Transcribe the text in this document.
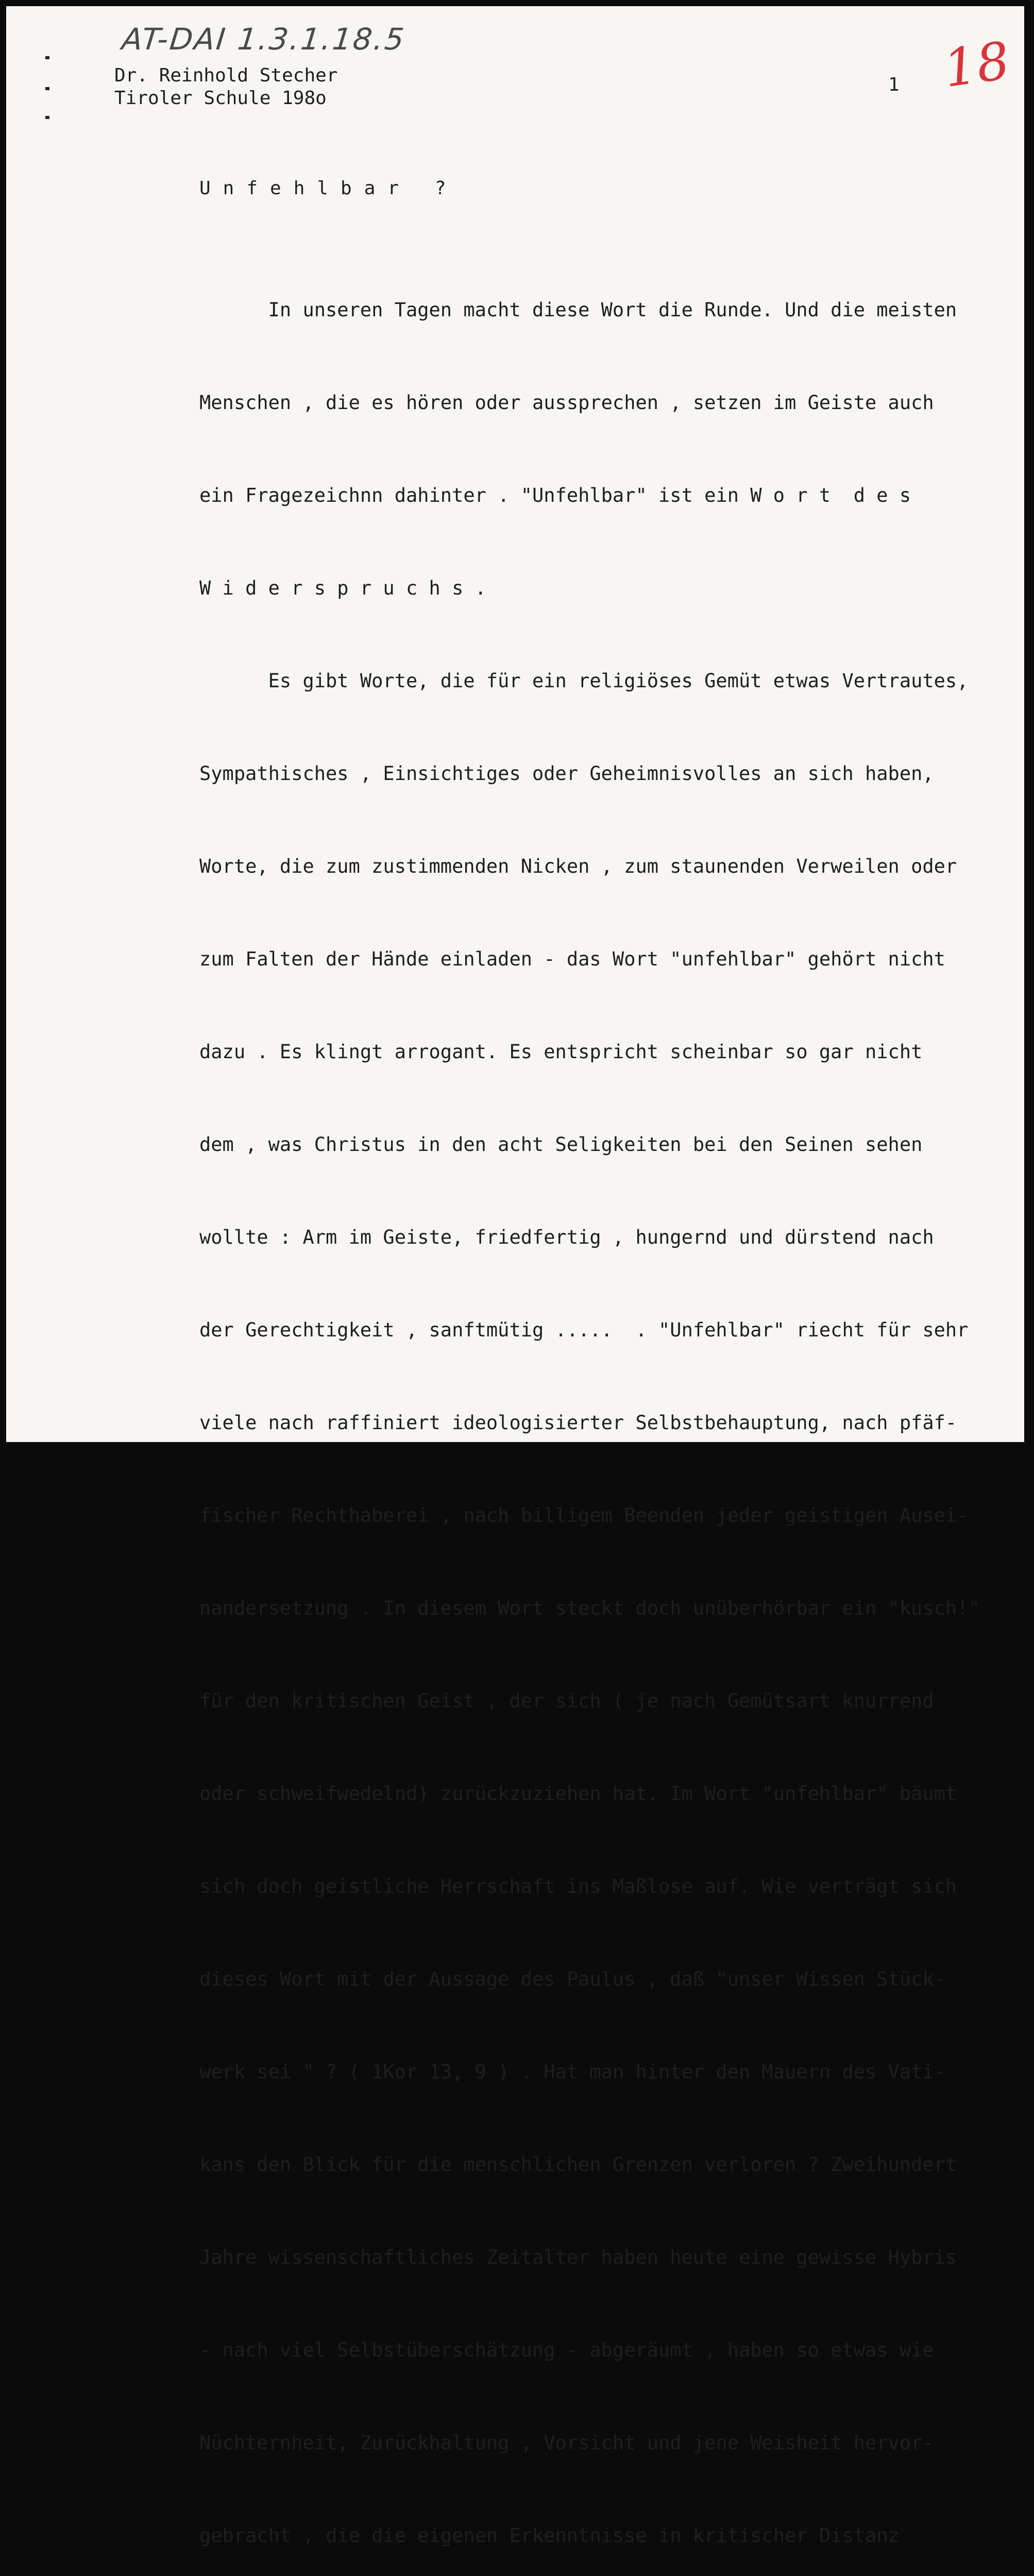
AT-DAI 1.3.1.18.5	18
Dr. Reinhold Stecher
Tiroler Schule 198o
1
Unfehlbar ?

In unseren Tagen macht diese Wort die Runde. Und die meisten

Menschen , die es hören oder aussprechen , setzen im Geiste auch

ein Fragezeichnn dahinter . "Unfehlbar" ist ein W o r t  d e s

W i d e r s p r u c h s .

Es gibt Worte, die für ein religiöses Gemüt etwas Vertrautes,

Sympathisches , Einsichtiges oder Geheimnisvolles an sich haben,

Worte, die zum zustimmenden Nicken , zum staunenden Verweilen oder

zum Falten der Hände einladen - das Wort "unfehlbar" gehört nicht

dazu . Es klingt arrogant. Es entspricht scheinbar so gar nicht

dem , was Christus in den acht Seligkeiten bei den Seinen sehen

wollte : Arm im Geiste, friedfertig , hungernd und dürstend nach

der Gerechtigkeit , sanftmütig .....  . "Unfehlbar" riecht für sehr

viele nach raffiniert ideologisierter Selbstbehauptung, nach pfäf-

fischer Rechthaberei , nach billigem Beenden jeder geistigen Ausei-

nandersetzung . In diesem Wort steckt doch unüberhörbar ein "kusch!"

für den kritischen Geist , der sich ( je nach Gemütsart knurrend

oder schweifwedelnd) zurückzuziehen hat. Im Wort "unfehlbar" bäumt

sich doch geistliche Herrschaft ins Maßlose auf. Wie verträgt sich

dieses Wort mit der Aussage des Paulus , daß "unser Wissen Stück-

werk sei " ? ( 1Kor 13, 9 ) . Hat man hinter den Mauern des Vati-

kans den Blick für die menschlichen Grenzen verloren ? Zweihundert

Jahre wissenschaftliches Zeitalter haben heute eine gewisse Hybris

- nach viel Selbstüberschätzung - abgeräumt , haben so etwas wie

Nüchternheit, Zurückhaltung , Vorsicht und jene Weisheit hervor-

gebracht , die die eigenen Erkenntnisse in kritischer Distanz
